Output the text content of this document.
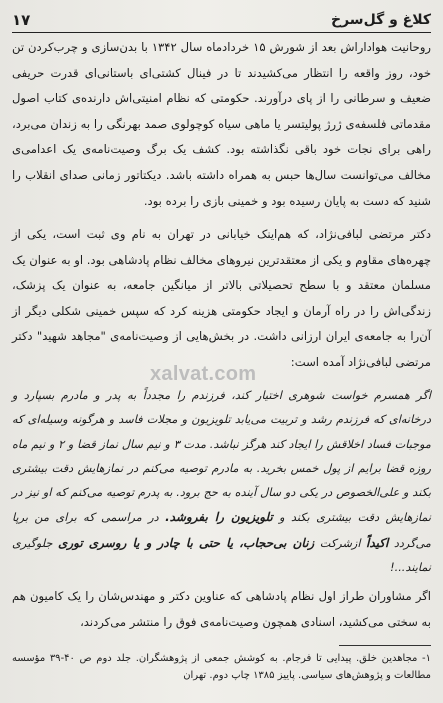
کلاغ و گل‌سرخ
۱۷

روحانیت هواداراش بعد از شورش ۱۵ خردادماه سال ۱۳۴۲ با بدن‌سازی و چرب‌کردن تن خود، روز واقعه را انتظار می‌کشیدند تا در فینال کشتی‌ای باستانی‌ای قدرت حریفی ضعیف و سرطانی را از پای درآورند. حکومتی که نظام امنیتی‌اش دارنده‌ی کتاب اصول مقدماتی فلسفه‌ی ژرژ پولیتسر یا ماهی سیاه کوچولوی صمد بهرنگی را به زندان می‌برد، راهی برای نجات خود باقی نگذاشته بود. کشف یک برگ وصیت‌نامه‌ی یک اعدامی‌ی مخالف می‌توانست سال‌ها حبس به همراه داشته باشد. دیکتاتور زمانی صدای انقلاب را شنید که دست به پایان رسیده بود و خمینی بازی را برده بود.

دکتر مرتضی لبافی‌نژاد، که هم‌اینک خیابانی در تهران به نام وی ثبت است، یکی از چهره‌های مقاوم و یکی از معتقدترین نیروهای مخالف نظام پادشاهی بود. او به عنوان یک مسلمان معتقد و با سطح تحصیلاتی بالاتر از میانگین جامعه، به عنوان یک پزشک، زندگی‌اش را در راه آرمان و ایجاد حکومتی هزینه کرد که سپس خمینی شکلی دیگر از آن‌را به جامعه‌ی ایران ارزانی داشت. در بخش‌هایی از وصیت‌نامه‌ی "مجاهد شهید" دکتر مرتضی لبافی‌نژاد آمده است:

xalvat.com

اگر همسرم خواست شوهری اختیار کند، فرزندم را مجدداً به پدر و مادرم بسپارد و درخانه‌ای که فرزندم رشد و تربیت می‌یابد تلویزیون و مجلات فاسد و هرگونه وسیله‌ای که موجبات فساد اخلاقش را ایجاد کند هرگز نباشد. مدت ۳ و نیم سال نماز قضا و ۲ و نیم ماه روزه قضا برایم از پول خمس بخرید. به مادرم توصیه می‌کنم در نمازهایش دقت بیشتری بکند و علی‌الخصوص در یکی دو سال آینده به حج برود. به پدرم توصیه می‌کنم که او نیز در نمازهایش دقت بیشتری بکند و تلویزیون را بفروشد. در مراسمی که برای من برپا می‌گردد اکیداً ازشرکت زنان بی‌حجاب، یا حتی با چادر و یا روسری توری جلوگیری نمایند...!

اگر مشاوران طراز اول نظام پادشاهی که عناوین دکتر و مهندس‌شان را یک کامیون هم به سختی می‌کشید، اسنادی همچون وصیت‌نامه‌ی فوق را منتشر می‌کردند،

۱- مجاهدین خلق. پیدایی تا فرجام. به کوشش جمعی از پژوهشگران. جلد دوم ص ۴۰-۳۹ مؤسسه مطالعات و پژوهش‌های سیاسی. پاییز ۱۳۸۵ چاپ دوم. تهران
